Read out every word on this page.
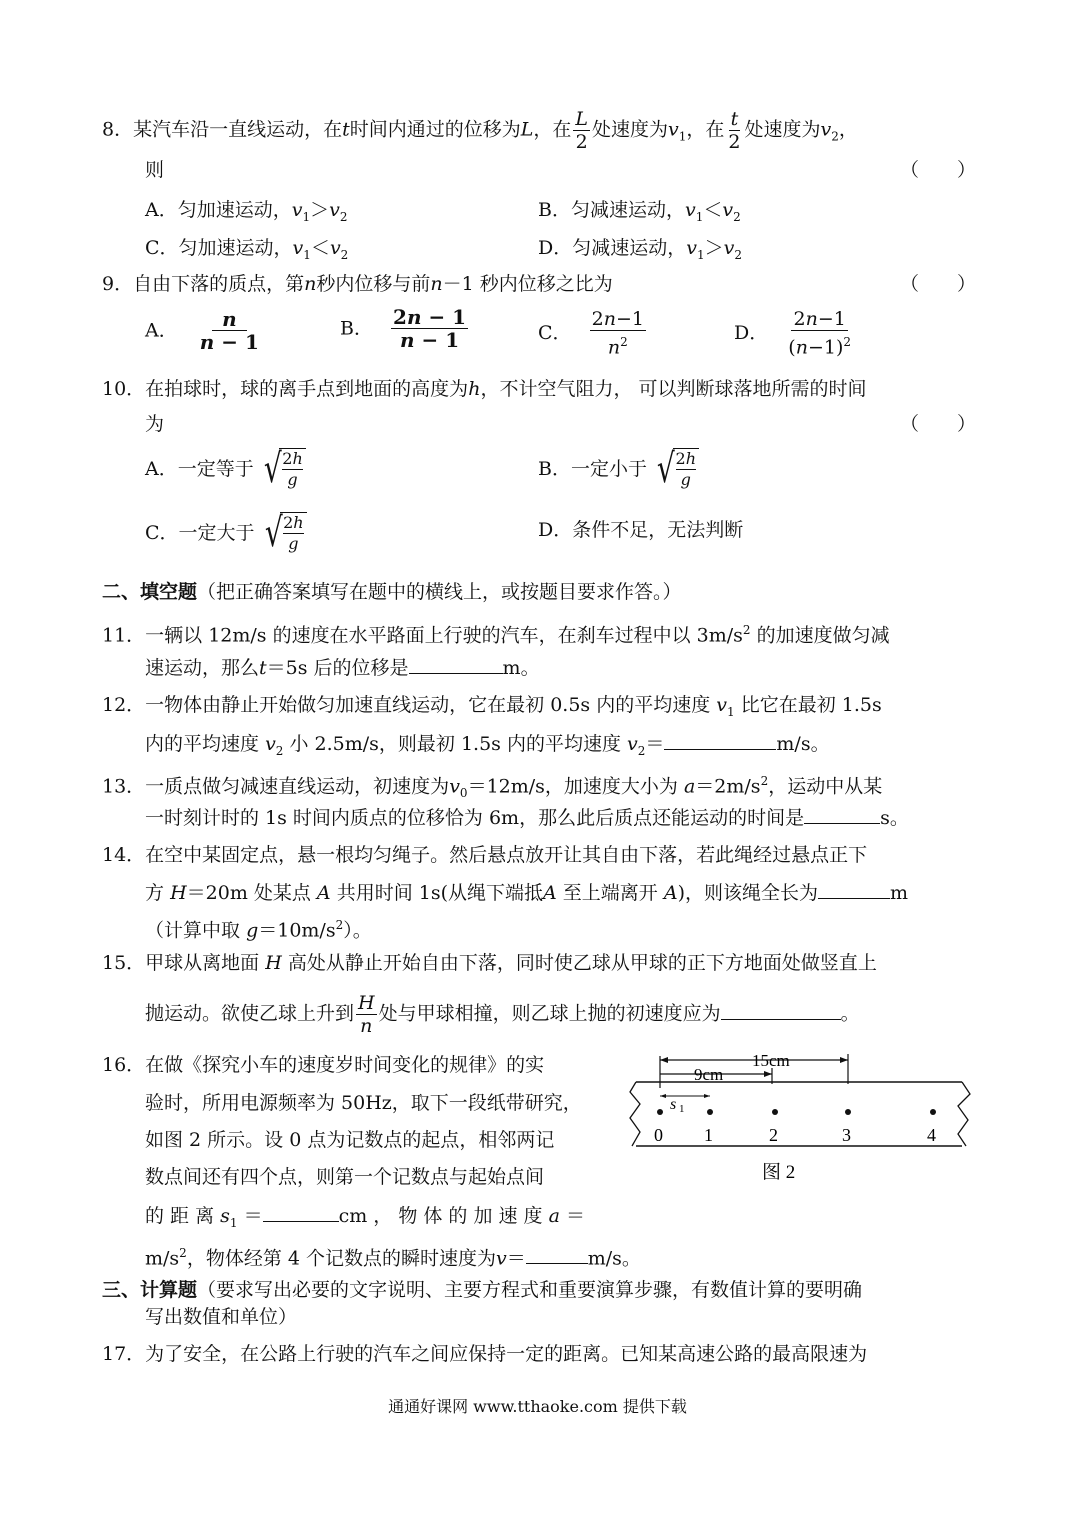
8．某汽车沿一直线运动，在t时间内通过的位移为L，在 $\frac{L}{2}$ 处速度为$v_1$，在 $\frac{t}{2}$ 处速度为$v_2$，
则	（　　）
A．匀加速运动，$v_1>v_2$	B．匀减速运动，$v_1<v_2$
C．匀加速运动，$v_1<v_2$	D．匀减速运动，$v_1>v_2$
9．自由下落的质点，第n秒内位移与前n－1 秒内位移之比为	（　　）
A． $\frac{n}{n - 1}$	B． $\frac{2n - 1}{n - 1}$	C． $\frac{2n-1}{n^2}$	D． $\frac{2n-1}{(n-1)^2}$
10．在拍球时，球的离手点到地面的高度为h，不计空气阻力， 可以判断球落地所需的时间
为	（　　）
A．一定等于 √ 2h
g	B．一定小于 √ 2h
g
C．一定大于 √ 2h
g
D．条件不足，无法判断
二、填空题（把正确答案填写在题中的横线上，或按题目要求作答。）
11．一辆以 12m/s 的速度在水平路面上行驶的汽车，在刹车过程中以 $3m/s^2$ 的加速度做匀减
速运动，那么t＝5s 后的位移是	m。
12．一物体由静止开始做匀加速直线运动，它在最初 0.5s 内的平均速度 $v_1$ 比它在最初 1.5s
内的平均速度 $v_2$ 小 2.5m/s，则最初 1.5s 内的平均速度 $v_2=$	m/s。
13．一质点做匀减速直线运动，初速度为$v_0=12m/s$，加速度大小为 $a=2m/s^2$，运动中从某
一时刻计时的 1s 时间内质点的位移恰为 6m，那么此后质点还能运动的时间是	s。
14．在空中某固定点，悬一根均匀绳子。然后悬点放开让其自由下落，若此绳经过悬点正下
方 H＝20m 处某点 A 共用时间 1s(从绳下端抵A 至上端离开 A)，则该绳全长为	m
（计算中取 $g=10m/s^2$）。
15．甲球从离地面 H 高处从静止开始自由下落，同时使乙球从甲球的正下方地面处做竖直上
抛运动。欲使乙球上升到 $\frac{H}{n}$ 处与甲球相撞，则乙球上抛的初速度应为	。
16．在做《探究小车的速度岁时间变化的规律》的实
验时，所用电源频率为 50Hz，取下一段纸带研究，
如图 2 所示。设 0 点为记数点的起点，相邻两记
数点间还有四个点，则第一个记数点与起始点间
的 距 离 $s_1$ ＝	cm ， 物 体 的 加 速 度 a ＝
$m/s^2$，物体经第 4 个记数点的瞬时速度为v＝	m/s。
15cm
9cm
s 1
0 1	2	3	4
图 2
三、计算题（要求写出必要的文字说明、主要方程式和重要演算步骤，有数值计算的要明确
写出数值和单位）
17．为了安全，在公路上行驶的汽车之间应保持一定的距离。已知某高速公路的最高限速为
通通好课网 www.tthaoke.com 提供下载
